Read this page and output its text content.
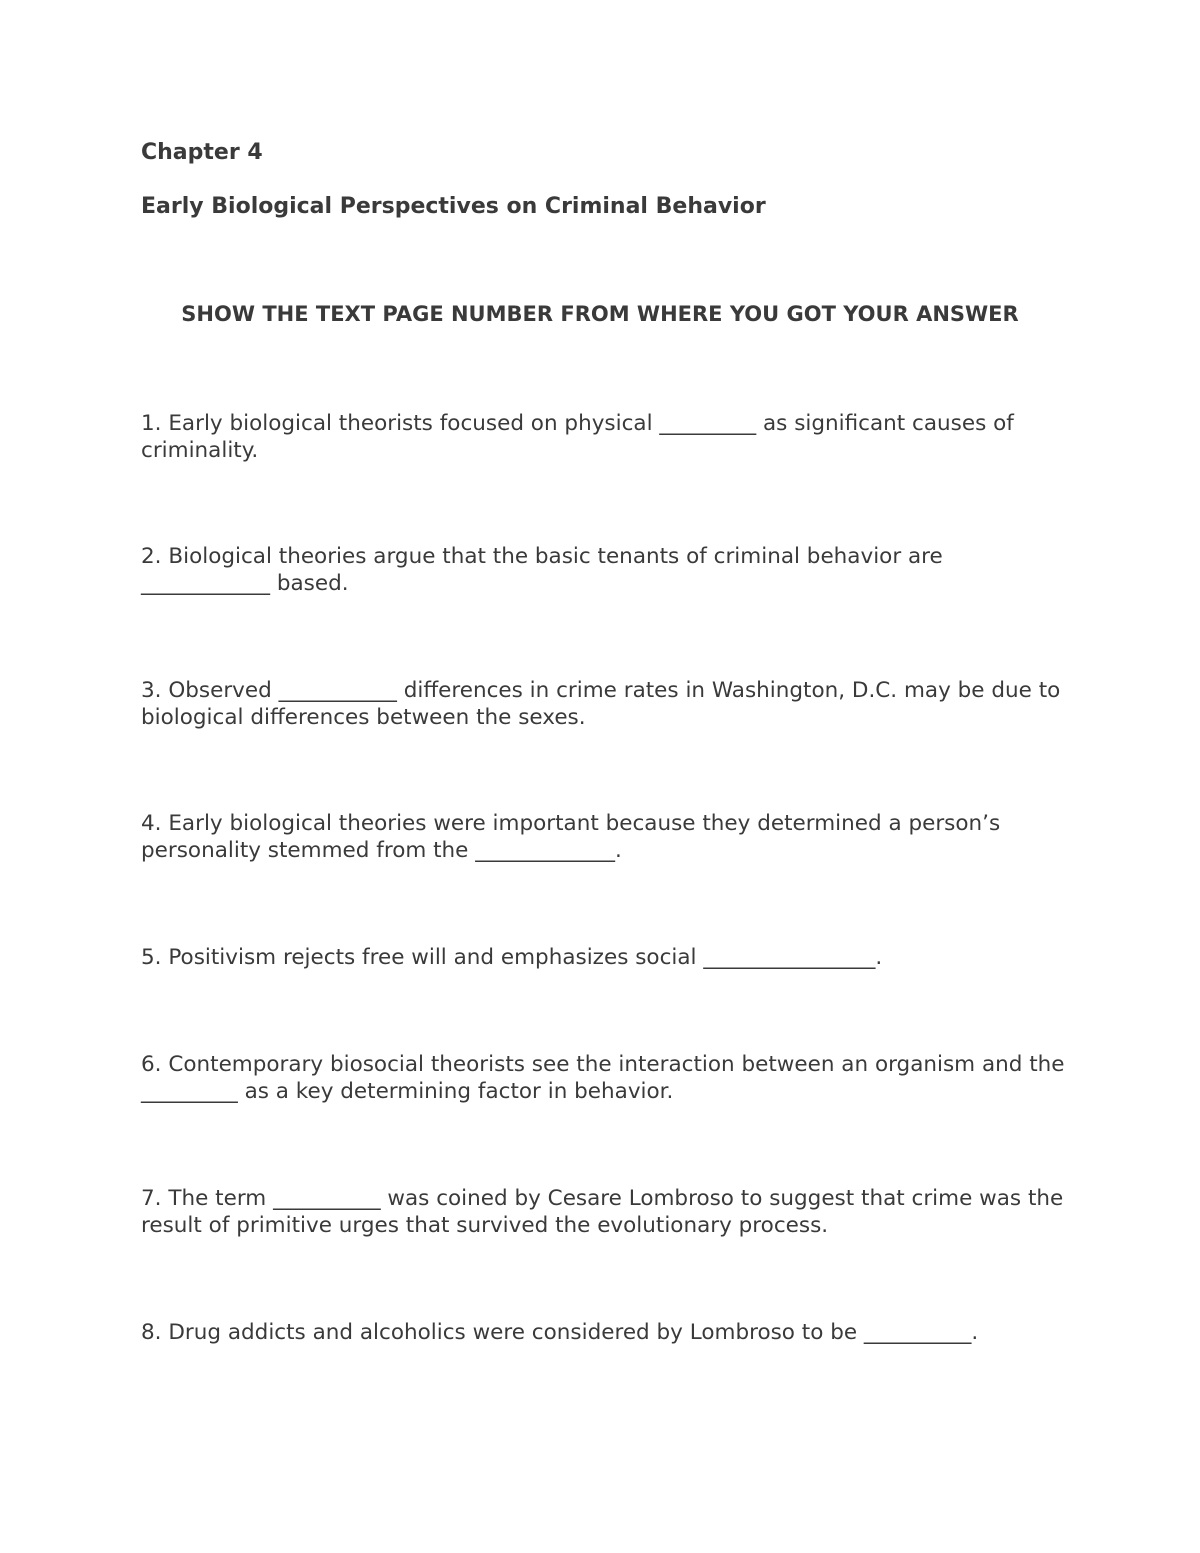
Chapter 4
Early Biological Perspectives on Criminal Behavior
SHOW THE TEXT PAGE NUMBER FROM WHERE YOU GOT YOUR ANSWER
1. Early biological theorists focused on physical _________ as significant causes of criminality.
2. Biological theories argue that the basic tenants of criminal behavior are ____________ based.
3. Observed ___________ differences in crime rates in Washington, D.C. may be due to biological differences between the sexes.
4. Early biological theories were important because they determined a person’s personality stemmed from the _____________.
5. Positivism rejects free will and emphasizes social ________________.
6. Contemporary biosocial theorists see the interaction between an organism and the _________ as a key determining factor in behavior.
7. The term __________ was coined by Cesare Lombroso to suggest that crime was the result of primitive urges that survived the evolutionary process.
8. Drug addicts and alcoholics were considered by Lombroso to be __________.
